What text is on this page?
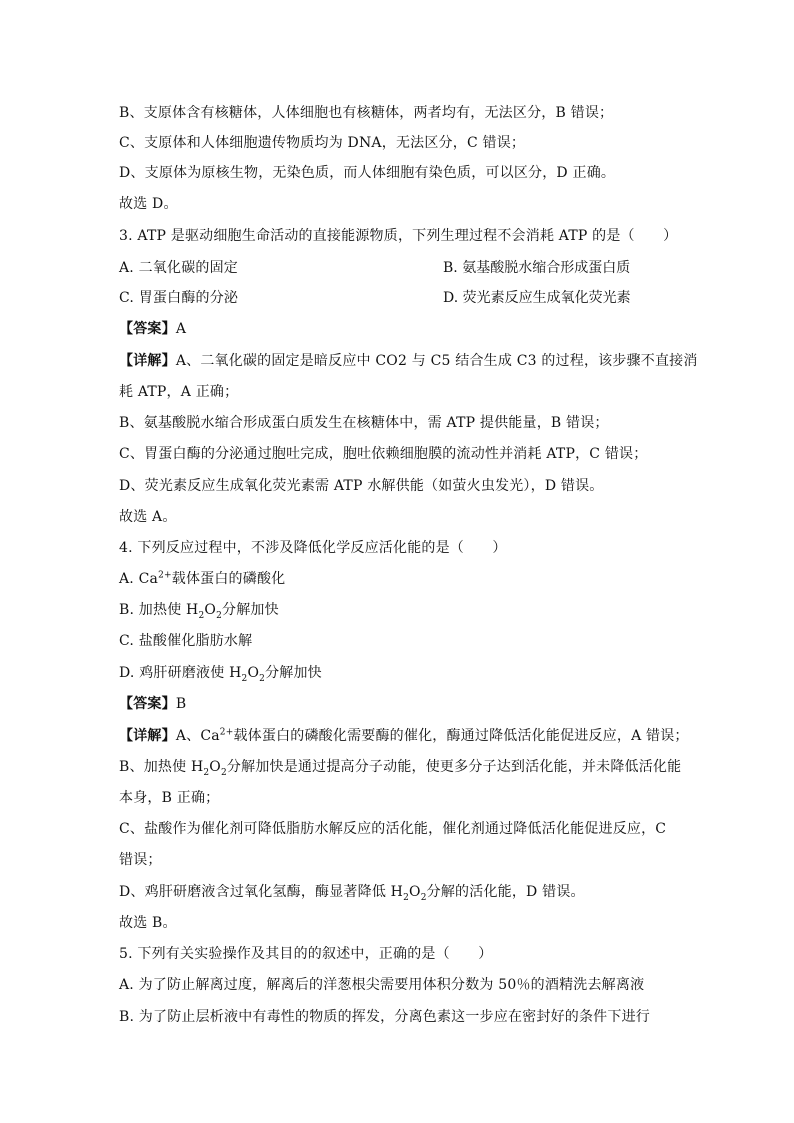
B、支原体含有核糖体，人体细胞也有核糖体，两者均有，无法区分，B 错误；
C、支原体和人体细胞遗传物质均为 DNA，无法区分，C 错误；
D、支原体为原核生物，无染色质，而人体细胞有染色质，可以区分，D 正确。
故选 D。
3. ATP 是驱动细胞生命活动的直接能源物质，下列生理过程不会消耗 ATP 的是（　　）
A. 二氧化碳的固定	B. 氨基酸脱水缩合形成蛋白质
C. 胃蛋白酶的分泌	D. 荧光素反应生成氧化荧光素
【答案】A
【详解】A、二氧化碳的固定是暗反应中 CO2 与 C5 结合生成 C3 的过程，该步骤不直接消
耗 ATP，A 正确；
B、氨基酸脱水缩合形成蛋白质发生在核糖体中，需 ATP 提供能量，B 错误；
C、胃蛋白酶的分泌通过胞吐完成，胞吐依赖细胞膜的流动性并消耗 ATP，C 错误；
D、荧光素反应生成氧化荧光素需 ATP 水解供能（如萤火虫发光），D 错误。
故选 A。
4. 下列反应过程中，不涉及降低化学反应活化能的是（　　）
A. $Ca^{2+}$载体蛋白的磷酸化
B. 加热使 $H_2O_2$分解加快
C. 盐酸催化脂肪水解
D. 鸡肝研磨液使 $H_2O_2$分解加快
【答案】B
【详解】A、$Ca^{2+}$载体蛋白的磷酸化需要酶的催化，酶通过降低活化能促进反应，A 错误；
B、加热使 $H_2O_2$分解加快是通过提高分子动能，使更多分子达到活化能，并未降低活化能
本身，B 正确；
C、盐酸作为催化剂可降低脂肪水解反应的活化能，催化剂通过降低活化能促进反应，C
错误；
D、鸡肝研磨液含过氧化氢酶，酶显著降低 $H_2O_2$分解的活化能，D 错误。
故选 B。
5. 下列有关实验操作及其目的的叙述中，正确的是（　　）
A. 为了防止解离过度，解离后的洋葱根尖需要用体积分数为 50％的酒精洗去解离液
B. 为了防止层析液中有毒性的物质的挥发，分离色素这一步应在密封好的条件下进行
